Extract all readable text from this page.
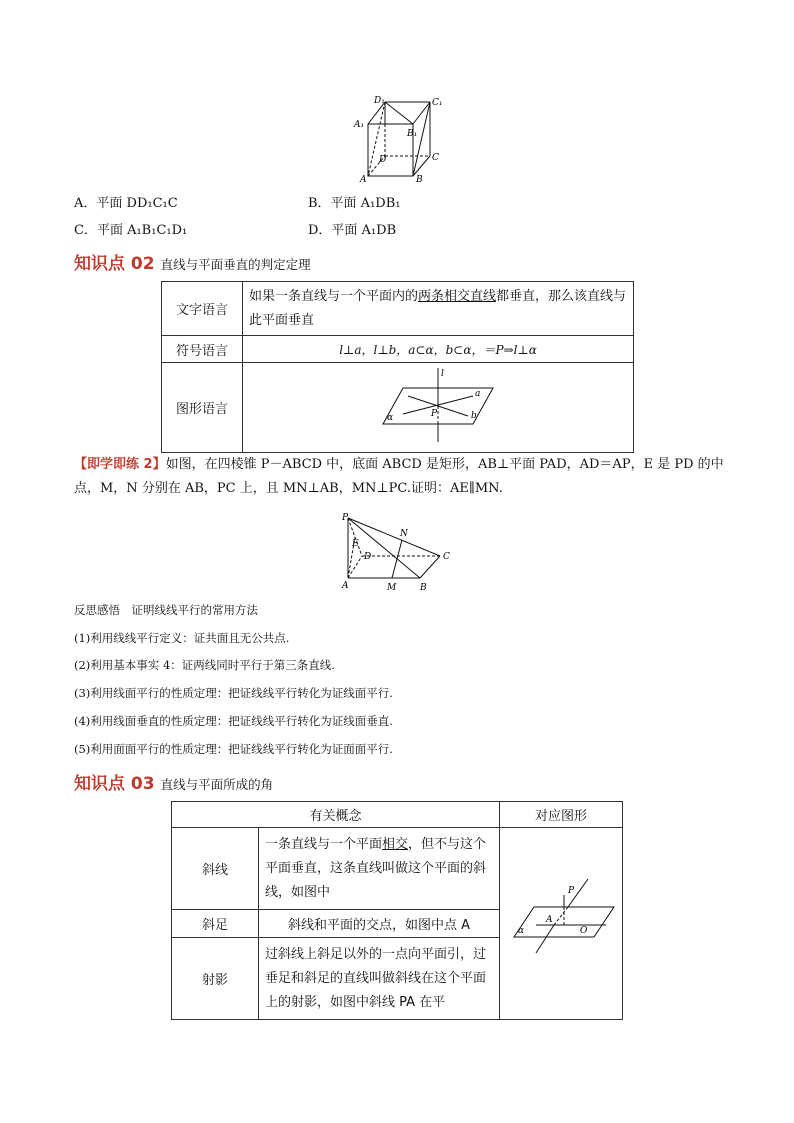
D₁	C₁
A₁
B₁
D	C
A	B
A．平面 DD₁C₁C	B．平面 A₁DB₁
C．平面 A₁B₁C₁D₁	D．平面 A₁DB
知识点 02 直线与平面垂直的判定定理
文字语言	如果一条直线与一个平面内的两条相交直线都垂直，那么该直线与此平面垂直
符号语言	l⊥a，l⊥b，a⊂α，b⊂α，＝P⇒l⊥α
图形语言	l
a
α P b
【即学即练 2】如图，在四棱锥 P－ABCD 中，底面 ABCD 是矩形，AB⊥平面 PAD，AD＝AP，E 是 PD 的中点，M，N 分别在 AB，PC 上，且 MN⊥AB，MN⊥PC.证明：AE∥MN.
P
N
E
D	C
A	M	B
反思感悟　证明线线平行的常用方法
(1)利用线线平行定义：证共面且无公共点.
(2)利用基本事实 4：证两线同时平行于第三条直线.
(3)利用线面平行的性质定理：把证线线平行转化为证线面平行.
(4)利用线面垂直的性质定理：把证线线平行转化为证线面垂直.
(5)利用面面平行的性质定理：把证线线平行转化为证面面平行.
知识点 03 直线与平面所成的角
有关概念		对应图形
斜线	一条直线与一个平面相交，但不与这个平面垂直，这条直线叫做这个平面的斜线，如图中	P
A
O
α

斜足	斜线和平面的交点，如图中点 A	
射影	过斜线上斜足以外的一点向平面引，过垂足和斜足的直线叫做斜线在这个平面上的射影，如图中斜线 PA 在平	
